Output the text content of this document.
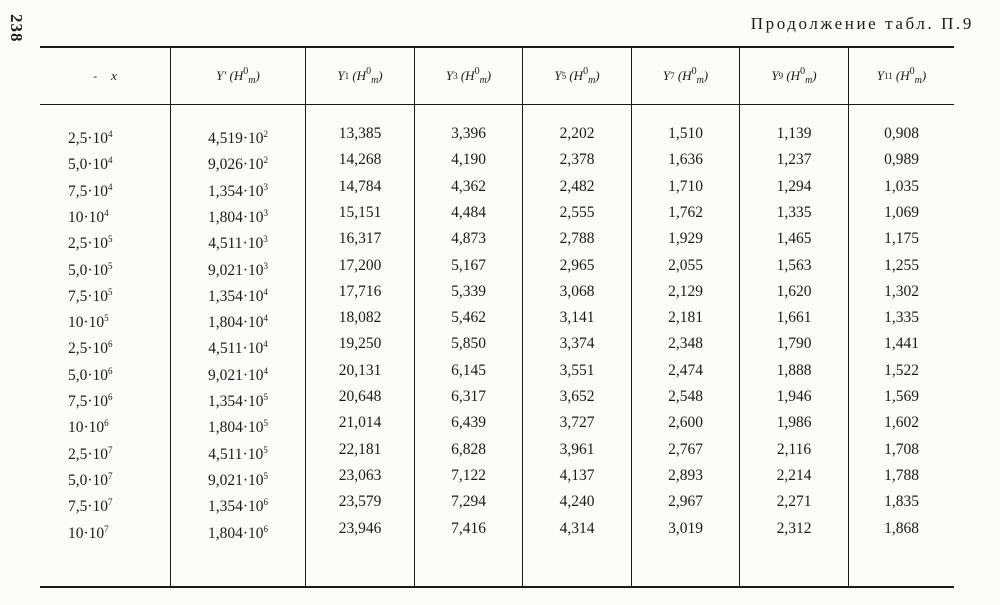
238	Продолжение табл. П.9
- x	Y′ ( $H^0_m$ )	Y 1 ( $H^0_m$ )	Y 3 ( $H^0_m$ )	Y 5 ( $H^0_m$ )	Y 7 ( $H^0_m$ )	Y 9 ( $H^0_m$ )	Y 11 ( $H^0_m$ )
$2,5\cdot 10^4$	$4,519\cdot 10^2$	13,385	3,396	2,202	1,510	1,139	0,908
$5,0\cdot 10^4$	$9,026\cdot 10^2$	14,268	4,190	2,378	1,636	1,237	0,989
$7,5\cdot 10^4$	$1,354\cdot 10^3$	14,784	4,362	2,482	1,710	1,294	1,035
$10\cdot 10^4$	$1,804\cdot 10^3$	15,151	4,484	2,555	1,762	1,335	1,069
$2,5\cdot 10^5$	$4,511\cdot 10^3$	16,317	4,873	2,788	1,929	1,465	1,175
$5,0\cdot 10^5$	$9,021\cdot 10^3$	17,200	5,167	2,965	2,055	1,563	1,255
$7,5\cdot 10^5$	$1,354\cdot 10^4$	17,716	5,339	3,068	2,129	1,620	1,302
$10\cdot 10^5$	$1,804\cdot 10^4$	18,082	5,462	3,141	2,181	1,661	1,335
$2,5\cdot 10^6$	$4,511\cdot 10^4$	19,250	5,850	3,374	2,348	1,790	1,441
$5,0\cdot 10^6$	$9,021\cdot 10^4$	20,131	6,145	3,551	2,474	1,888	1,522
$7,5\cdot 10^6$	$1,354\cdot 10^5$	20,648	6,317	3,652	2,548	1,946	1,569
$10\cdot 10^6$	$1,804\cdot 10^5$	21,014	6,439	3,727	2,600	1,986	1,602
$2,5\cdot 10^7$	$4,511\cdot 10^5$	22,181	6,828	3,961	2,767	2,116	1,708
$5,0\cdot 10^7$	$9,021\cdot 10^5$	23,063	7,122	4,137	2,893	2,214	1,788
$7,5\cdot 10^7$	$1,354\cdot 10^6$	23,579	7,294	4,240	2,967	2,271	1,835
$10\cdot 10^7$	$1,804\cdot 10^6$	23,946	7,416	4,314	3,019	2,312	1,868
